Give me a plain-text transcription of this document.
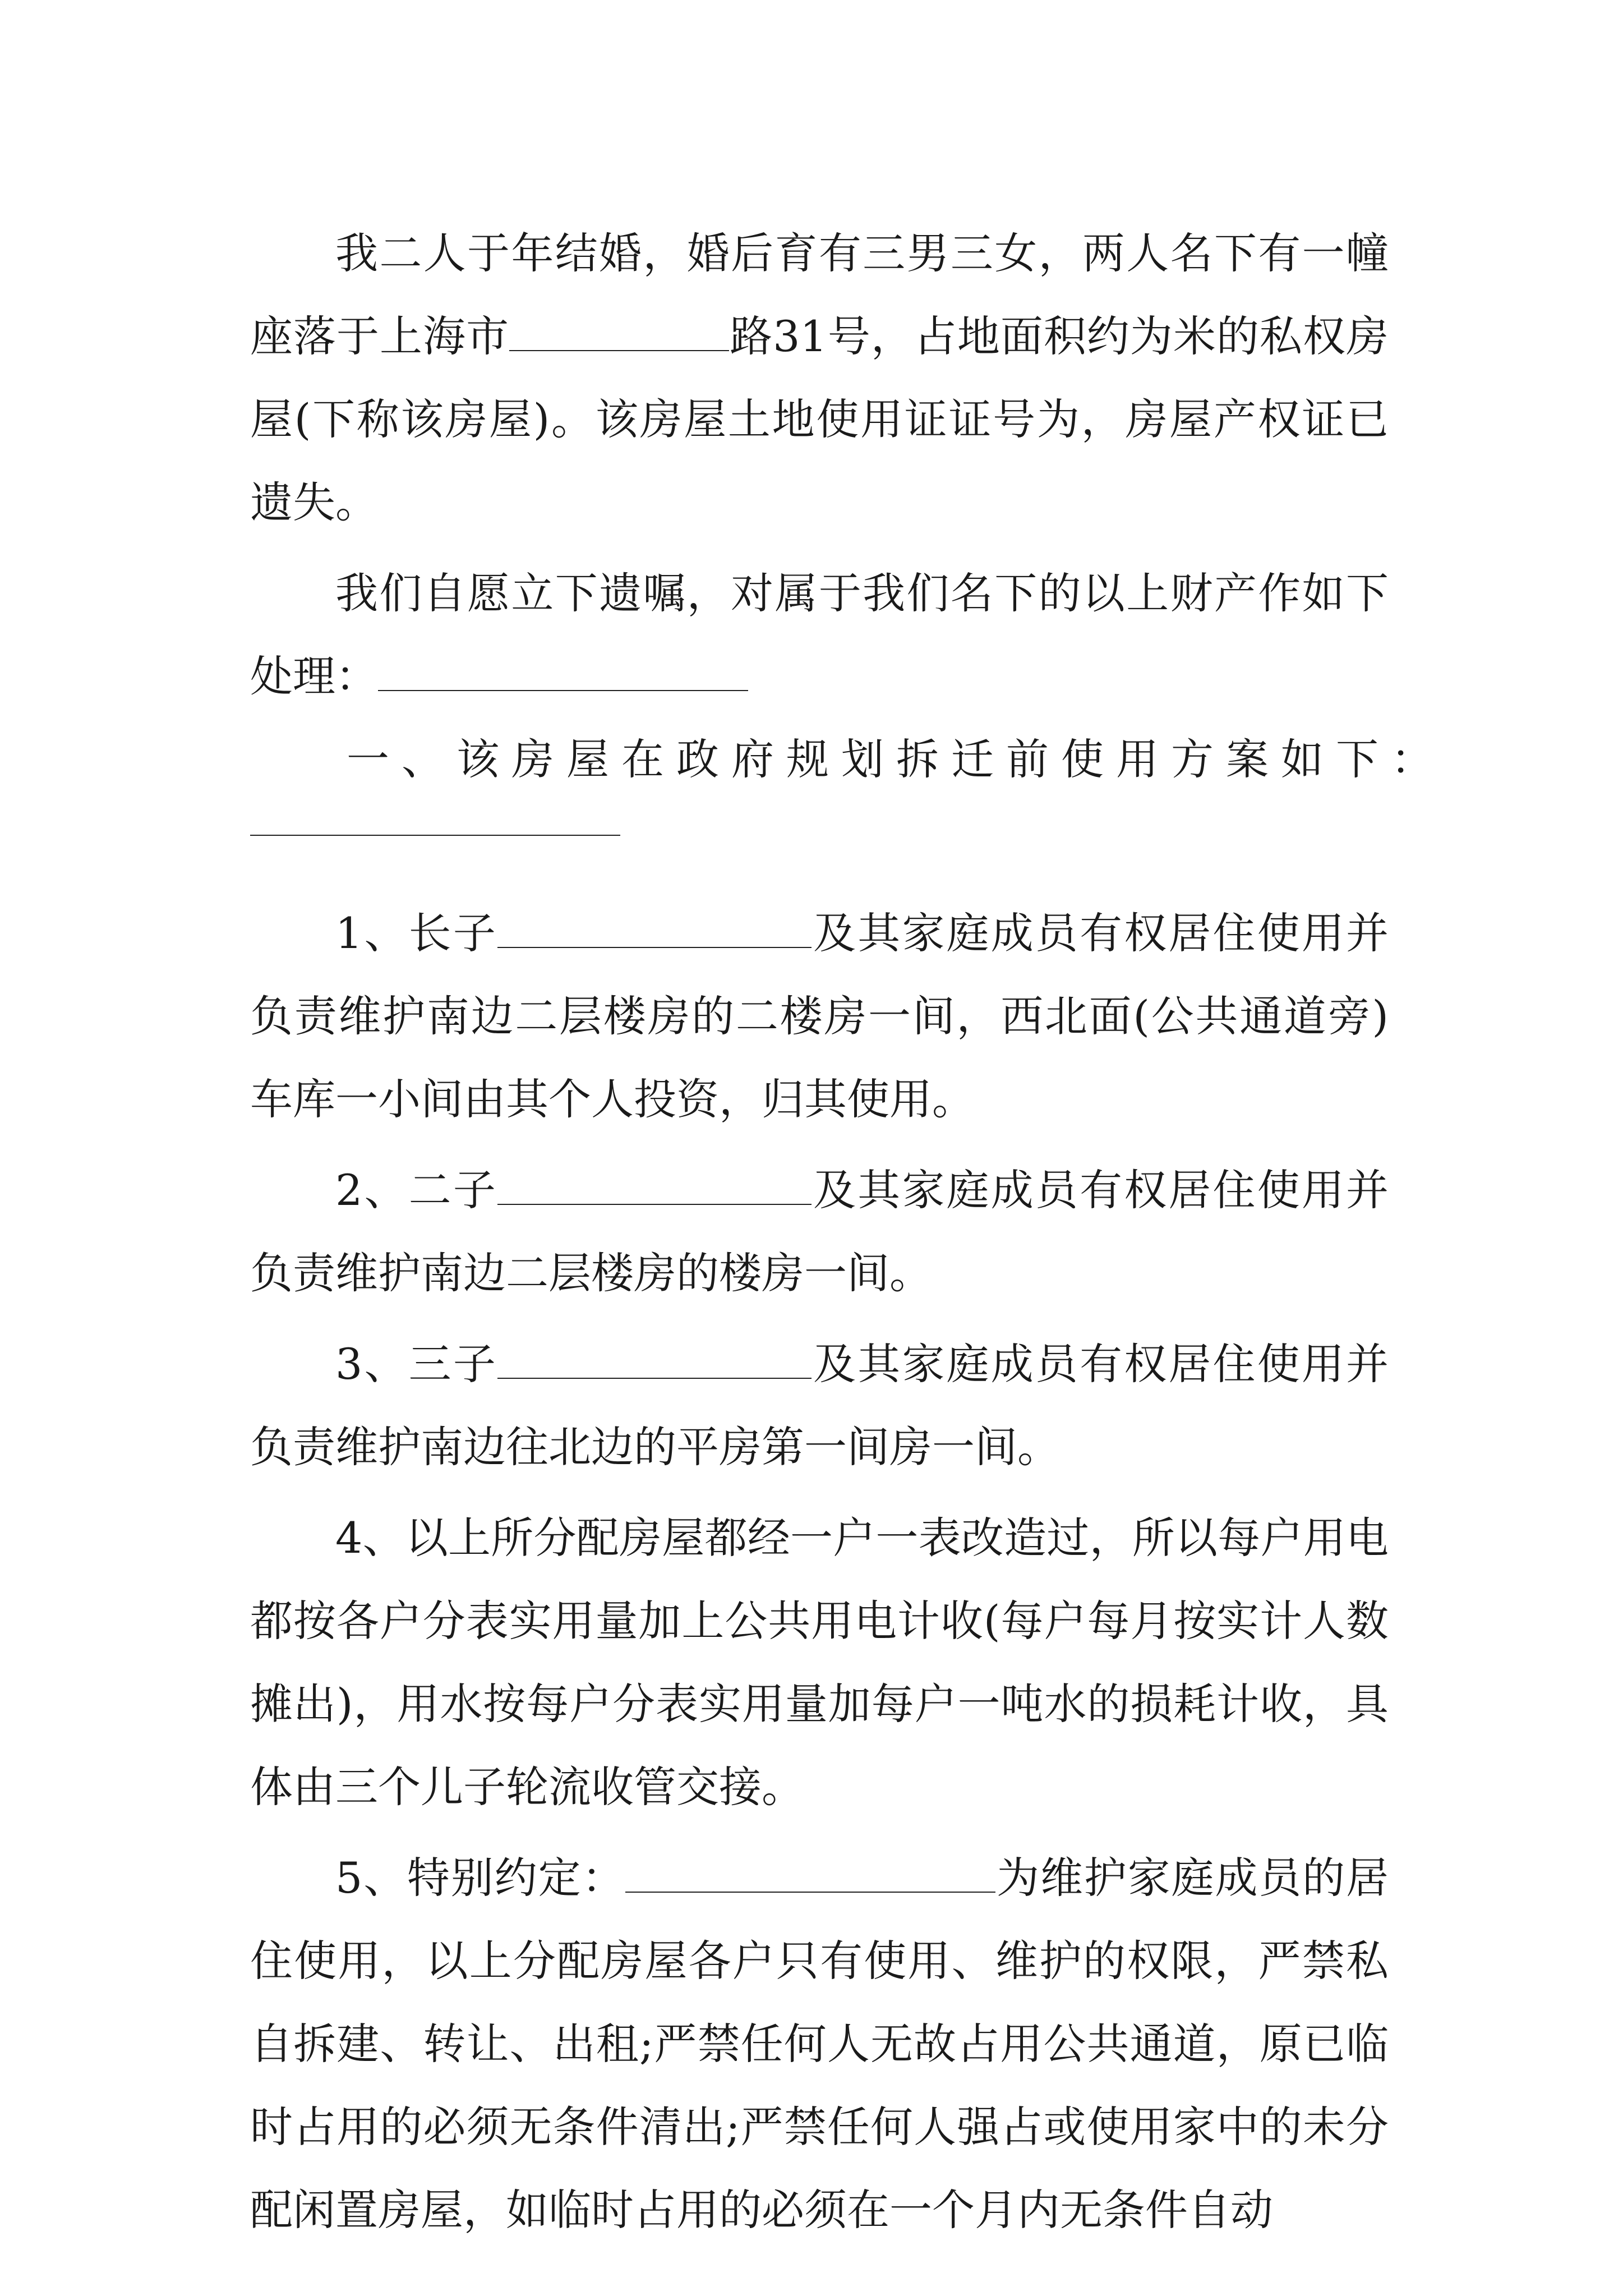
我二人于年结婚，婚后育有三男三女，两人名下有一幢座落于上海市	路31号，占地面积约为米的私权房屋(下称该房屋)。该房屋土地使用证证号为，房屋产权证已遗失。

我们自愿立下遗嘱，对属于我们名下的以上财产作如下处理：

一、该房屋在政府规划拆迁前使用方案如下：

1、长子	及其家庭成员有权居住使用并负责维护南边二层楼房的二楼房一间，西北面(公共通道旁)车库一小间由其个人投资，归其使用。

2、二子	及其家庭成员有权居住使用并负责维护南边二层楼房的楼房一间。

3、三子	及其家庭成员有权居住使用并负责维护南边往北边的平房第一间房一间。

4、以上所分配房屋都经一户一表改造过，所以每户用电都按各户分表实用量加上公共用电计收(每户每月按实计人数摊出)，用水按每户分表实用量加每户一吨水的损耗计收，具体由三个儿子轮流收管交接。

5、特别约定：	为维护家庭成员的居住使用，以上分配房屋各户只有使用、维护的权限，严禁私自拆建、转让、出租;严禁任何人无故占用公共通道，原已临时占用的必须无条件清出;严禁任何人强占或使用家中的未分配闲置房屋，如临时占用的必须在一个月内无条件自动
